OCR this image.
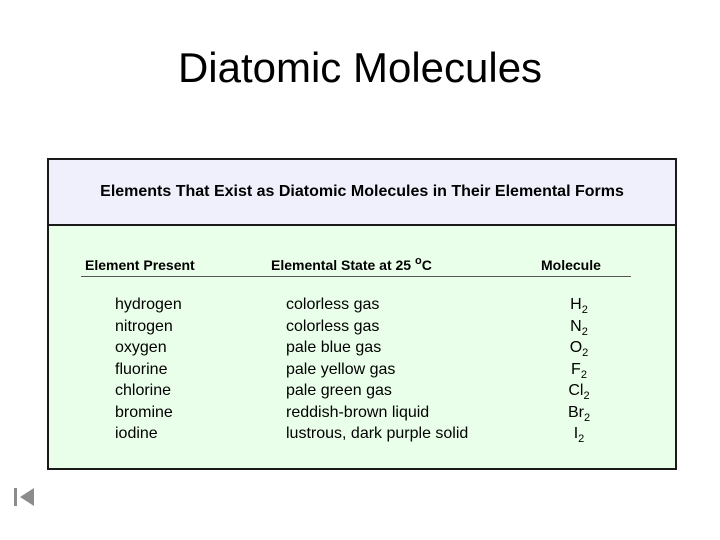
Diatomic Molecules
Elements That Exist as Diatomic Molecules in Their Elemental Forms
Element Present	Elemental State at 25 $^o$C	Molecule
hydrogen	colorless gas	$H_2$
nitrogen	colorless gas	$N_2$
oxygen	pale blue gas	$O_2$
fluorine	pale yellow gas	$F_2$
chlorine	pale green gas	$Cl_2$
bromine	reddish-brown liquid	$Br_2$
iodine	lustrous, dark purple solid	$I_2$
